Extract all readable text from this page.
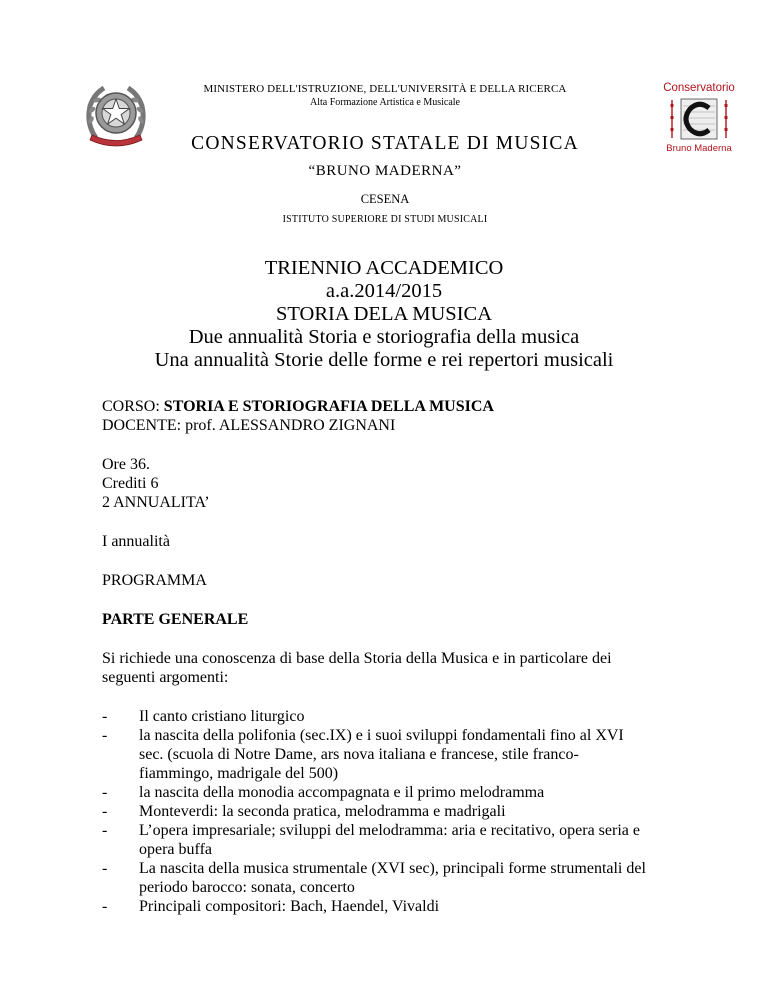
Conservatorio
Bruno Maderna
MINISTERO DELL'ISTRUZIONE, DELL'UNIVERSITÀ E DELLA RICERCA
Alta Formazione Artistica e Musicale
CONSERVATORIO STATALE DI MUSICA
“BRUNO MADERNA”
CESENA
ISTITUTO SUPERIORE DI STUDI MUSICALI
TRIENNIO ACCADEMICO
a.a.2014/2015
STORIA DELA MUSICA
Due annualità Storia e storiografia della musica
Una annualità Storie delle forme e rei repertori musicali
CORSO: STORIA E STORIOGRAFIA DELLA MUSICA
DOCENTE: prof. ALESSANDRO ZIGNANI
Ore 36.
Crediti 6
2 ANNUALITA’
I annualità
PROGRAMMA
PARTE GENERALE
Si richiede una conoscenza di base della Storia della Musica e in particolare dei
seguenti argomenti:
- Il canto cristiano liturgico
- la nascita della polifonia (sec.IX) e i suoi sviluppi fondamentali fino al XVI
sec. (scuola di Notre Dame, ars nova italiana e francese, stile franco-
fiammingo, madrigale del 500)
- la nascita della monodia accompagnata e il primo melodramma
- Monteverdi: la seconda pratica, melodramma e madrigali
- L’opera impresariale; sviluppi del melodramma: aria e recitativo, opera seria e
opera buffa
- La nascita della musica strumentale (XVI sec), principali forme strumentali del
periodo barocco: sonata, concerto
- Principali compositori: Bach, Haendel, Vivaldi
